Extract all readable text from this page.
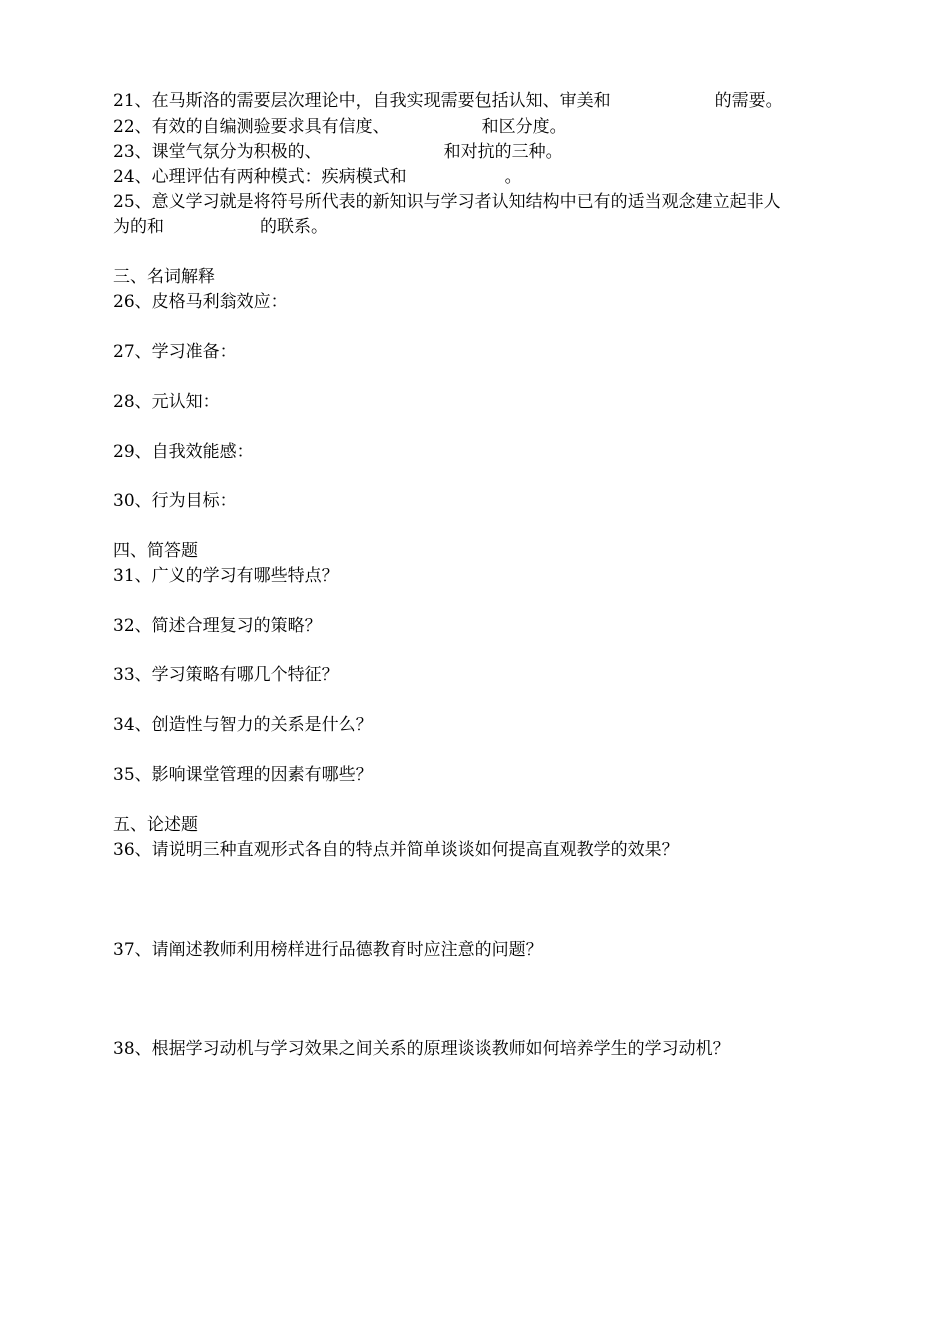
21、在马斯洛的需要层次理论中，自我实现需要包括认知、审美和	的需要。
22、有效的自编测验要求具有信度、	和区分度。
23、课堂气氛分为积极的、	和对抗的三种。
24、心理评估有两种模式：疾病模式和	。
25、意义学习就是将符号所代表的新知识与学习者认知结构中已有的适当观念建立起非人
为的和	的联系。
三、名词解释
26、皮格马利翁效应：
27、学习准备：
28、元认知：
29、自我效能感：
30、行为目标：
四、简答题
31、广义的学习有哪些特点？
32、简述合理复习的策略？
33、学习策略有哪几个特征？
34、创造性与智力的关系是什么？
35、影响课堂管理的因素有哪些？
五、论述题
36、请说明三种直观形式各自的特点并简单谈谈如何提高直观教学的效果？
37、请阐述教师利用榜样进行品德教育时应注意的问题？
38、根据学习动机与学习效果之间关系的原理谈谈教师如何培养学生的学习动机？
